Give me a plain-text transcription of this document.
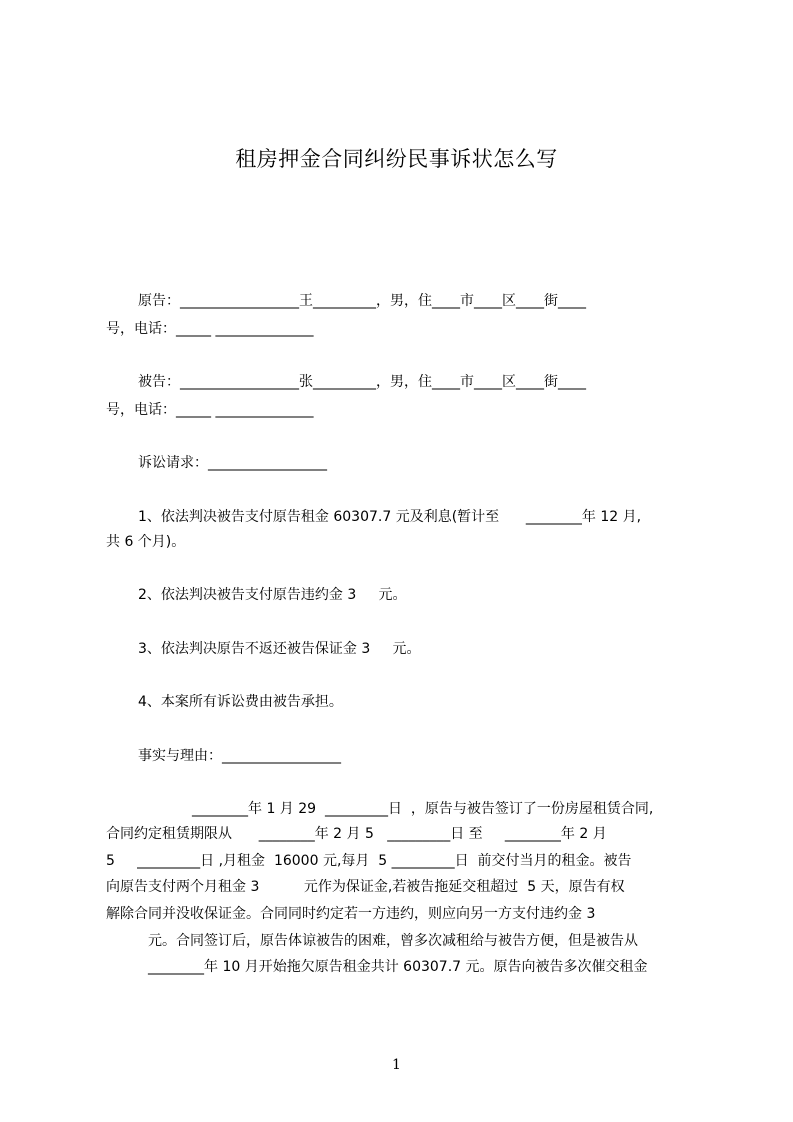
租房押金合同纠纷民事诉状怎么写
原告：_________________王_________，男，住____市____区____街____
号，电话：_____ ______________
被告：_________________张_________，男，住____市____区____街____
号，电话：_____ ______________
诉讼请求：_________________
1、依法判决被告支付原告租金 60307.7 元及利息(暂计至      ________年 12 月,
共 6 个月)。
2、依法判决被告支付原告违约金 3     元。
3、依法判决原告不返还被告保证金 3     元。
4、本案所有诉讼费由被告承担。
事实与理由：_________________
________年 1 月 29  _________日  ，原告与被告签订了一份房屋租赁合同,
合同约定租赁期限从      ________年 2 月 5   _________日 至     ________年 2 月
5     _________日 ,月租金  16000 元,每月  5 _________日  前交付当月的租金。被告
向原告支付两个月租金 3          元作为保证金,若被告拖延交租超过  5 天，原告有权
解除合同并没收保证金。合同同时约定若一方违约，则应向另一方支付违约金 3
元。合同签订后，原告体谅被告的困难，曾多次减租给与被告方便，但是被告从
________年 10 月开始拖欠原告租金共计 60307.7 元。原告向被告多次催交租金
1
